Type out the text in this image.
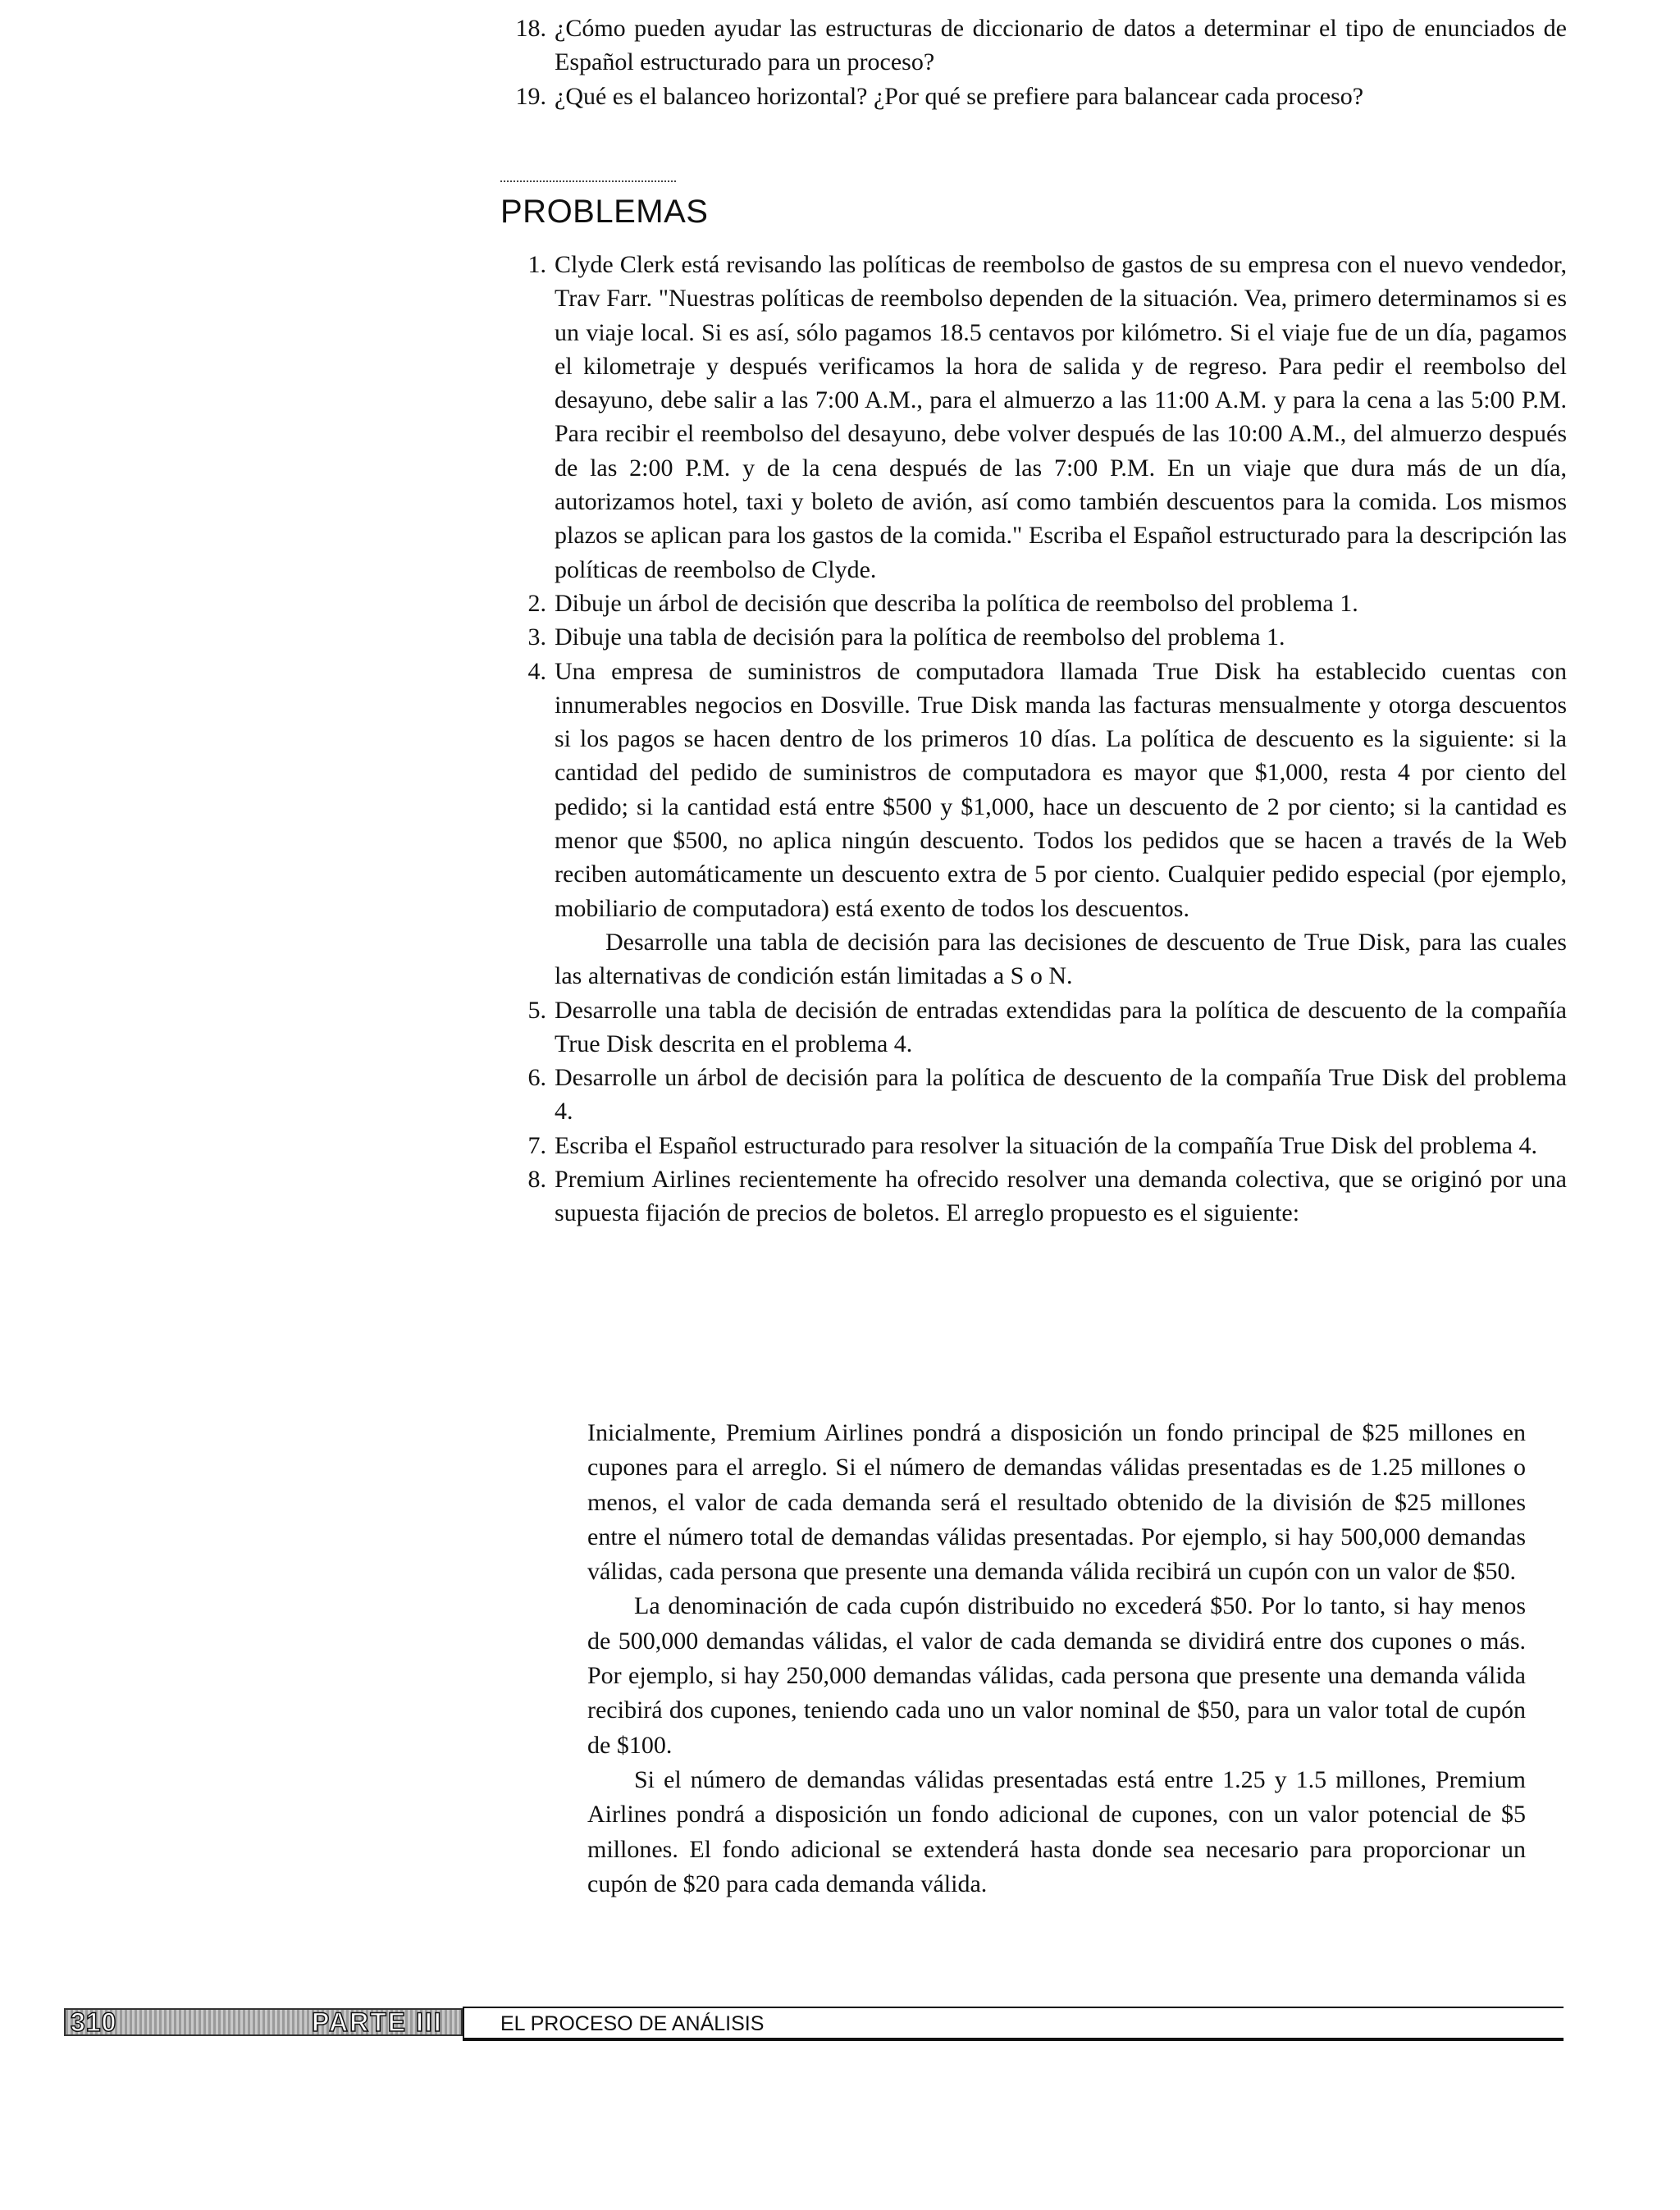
18. ¿Cómo pueden ayudar las estructuras de diccionario de datos a determinar el tipo de enunciados de Español estructurado para un proceso?

19. ¿Qué es el balanceo horizontal? ¿Por qué se prefiere para balancear cada proceso?

PROBLEMAS

1. Clyde Clerk está revisando las políticas de reembolso de gastos de su empresa con el nuevo vendedor, Trav Farr. "Nuestras políticas de reembolso dependen de la situación. Vea, primero determinamos si es un viaje local. Si es así, sólo pagamos 18.5 centavos por kilómetro. Si el viaje fue de un día, pagamos el kilometraje y después verificamos la hora de salida y de regreso. Para pedir el reembolso del desayuno, debe salir a las 7:00 A.M., para el almuerzo a las 11:00 A.M. y para la cena a las 5:00 P.M. Para recibir el reembolso del desayuno, debe volver después de las 10:00 A.M., del almuerzo después de las 2:00 P.M. y de la cena después de las 7:00 P.M. En un viaje que dura más de un día, autorizamos hotel, taxi y boleto de avión, así como también descuentos para la comida. Los mismos plazos se aplican para los gastos de la comida." Escriba el Español estructurado para la descripción las políticas de reembolso de Clyde.

2. Dibuje un árbol de decisión que describa la política de reembolso del problema 1.

3. Dibuje una tabla de decisión para la política de reembolso del problema 1.

4. Una empresa de suministros de computadora llamada True Disk ha establecido cuentas con innumerables negocios en Dosville. True Disk manda las facturas mensualmente y otorga descuentos si los pagos se hacen dentro de los primeros 10 días. La política de descuento es la siguiente: si la cantidad del pedido de suministros de computadora es mayor que $1,000, resta 4 por ciento del pedido; si la cantidad está entre $500 y $1,000, hace un descuento de 2 por ciento; si la cantidad es menor que $500, no aplica ningún descuento. Todos los pedidos que se hacen a través de la Web reciben automáticamente un descuento extra de 5 por ciento. Cualquier pedido especial (por ejemplo, mobiliario de computadora) está exento de todos los descuentos.

Desarrolle una tabla de decisión para las decisiones de descuento de True Disk, para las cuales las alternativas de condición están limitadas a S o N.

5. Desarrolle una tabla de decisión de entradas extendidas para la política de descuento de la compañía True Disk descrita en el problema 4.

6. Desarrolle un árbol de decisión para la política de descuento de la compañía True Disk del problema 4.

7. Escriba el Español estructurado para resolver la situación de la compañía True Disk del problema 4.

8. Premium Airlines recientemente ha ofrecido resolver una demanda colectiva, que se originó por una supuesta fijación de precios de boletos. El arreglo propuesto es el siguiente:

Inicialmente, Premium Airlines pondrá a disposición un fondo principal de $25 millones en cupones para el arreglo. Si el número de demandas válidas presentadas es de 1.25 millones o menos, el valor de cada demanda será el resultado obtenido de la división de $25 millones entre el número total de demandas válidas presentadas. Por ejemplo, si hay 500,000 demandas válidas, cada persona que presente una demanda válida recibirá un cupón con un valor de $50.

La denominación de cada cupón distribuido no excederá $50. Por lo tanto, si hay menos de 500,000 demandas válidas, el valor de cada demanda se dividirá entre dos cupones o más. Por ejemplo, si hay 250,000 demandas válidas, cada persona que presente una demanda válida recibirá dos cupones, teniendo cada uno un valor nominal de $50, para un valor total de cupón de $100.

Si el número de demandas válidas presentadas está entre 1.25 y 1.5 millones, Premium Airlines pondrá a disposición un fondo adicional de cupones, con un valor potencial de $5 millones. El fondo adicional se extenderá hasta donde sea necesario para proporcionar un cupón de $20 para cada demanda válida.

310	PARTE III	EL PROCESO DE ANÁLISIS
